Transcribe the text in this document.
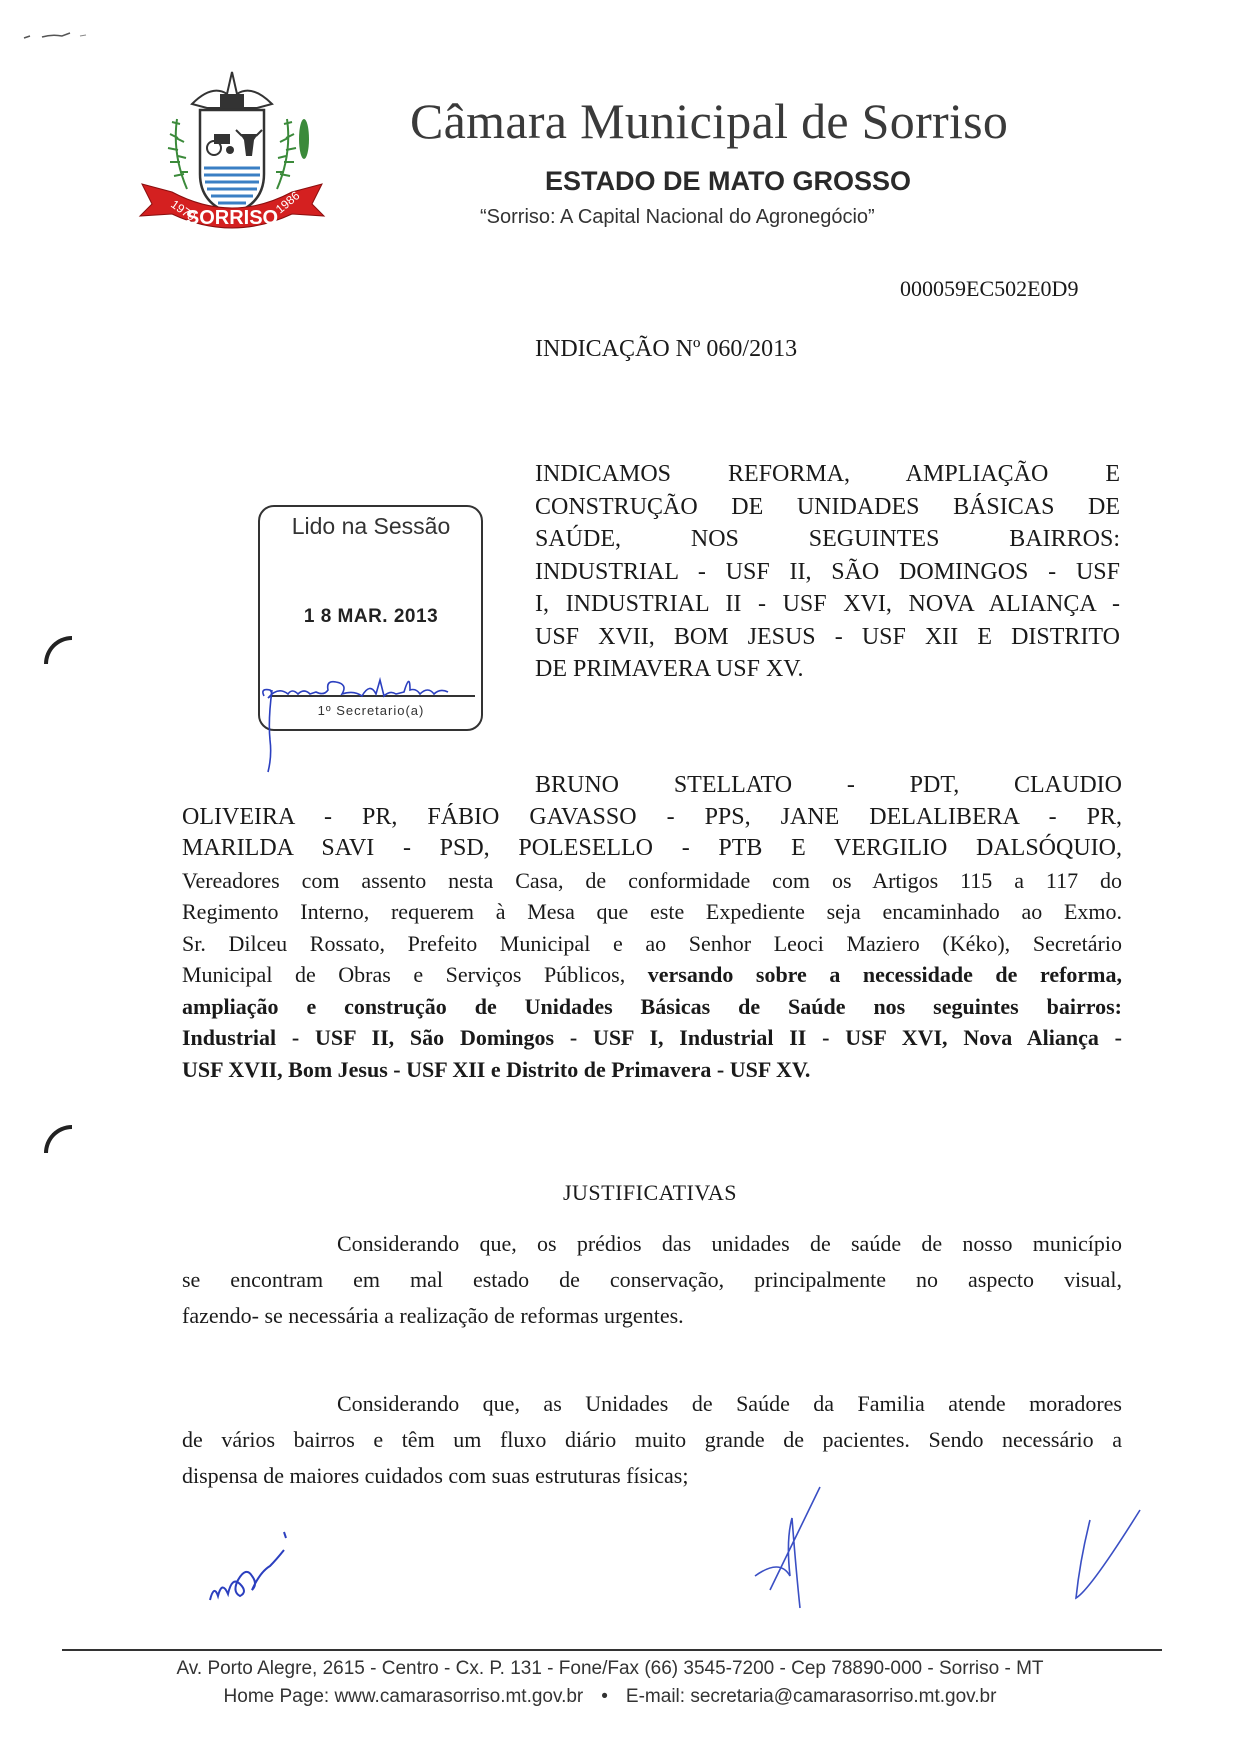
SORRISO
1979	1986
Câmara Municipal de Sorriso
ESTADO DE MATO GROSSO
“Sorriso: A Capital Nacional do Agronegócio”
000059EC502E0D9
INDICAÇÃO Nº 060/2013
INDICAMOS REFORMA, AMPLIAÇÃO E
CONSTRUÇÃO DE UNIDADES BÁSICAS DE
SAÚDE, NOS SEGUINTES BAIRROS:
INDUSTRIAL - USF II, SÃO DOMINGOS - USF
I, INDUSTRIAL II - USF XVI, NOVA ALIANÇA -
USF XVII, BOM JESUS - USF XII E DISTRITO
DE PRIMAVERA USF XV.
Lido na Sessão
1 8 MAR. 2013
1º Secretario(a)
BRUNO STELLATO - PDT, CLAUDIO
OLIVEIRA - PR, FÁBIO GAVASSO - PPS, JANE DELALIBERA - PR,
MARILDA SAVI - PSD, POLESELLO - PTB E VERGILIO DALSÓQUIO,
Vereadores com assento nesta Casa, de conformidade com os Artigos 115 a 117 do
Regimento Interno, requerem à Mesa que este Expediente seja encaminhado ao Exmo.
Sr. Dilceu Rossato, Prefeito Municipal e ao Senhor Leoci Maziero (Kéko), Secretário
Municipal de Obras e Serviços Públicos, versando sobre a necessidade de reforma,
ampliação e construção de Unidades Básicas de Saúde nos seguintes bairros:
Industrial - USF II, São Domingos - USF I, Industrial II - USF XVI, Nova Aliança -
USF XVII, Bom Jesus - USF XII e Distrito de Primavera - USF XV.
JUSTIFICATIVAS
Considerando que, os prédios das unidades de saúde de nosso município
se encontram em mal estado de conservação, principalmente no aspecto visual,
fazendo- se necessária a realização de reformas urgentes.
Considerando que, as Unidades de Saúde da Familia atende moradores
de vários bairros e têm um fluxo diário muito grande de pacientes. Sendo necessário a
dispensa de maiores cuidados com suas estruturas físicas;
Av. Porto Alegre, 2615 - Centro - Cx. P. 131 - Fone/Fax (66) 3545-7200 - Cep 78890-000 - Sorriso - MT
Home Page: www.camarasorriso.mt.gov.br • E-mail: secretaria@camarasorriso.mt.gov.br
